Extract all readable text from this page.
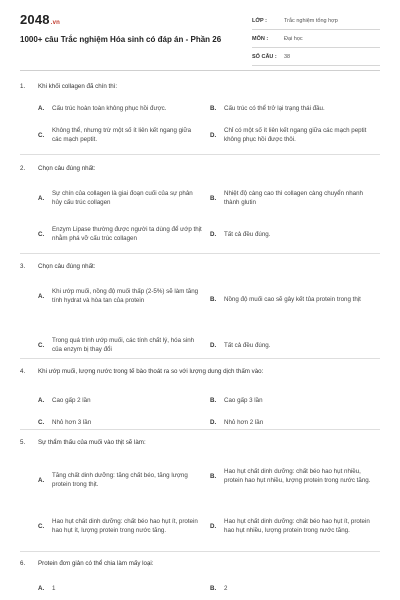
2048.vn
1000+ câu Trắc nghiệm Hóa sinh có đáp án - Phần 26
LỚP :	Trắc nghiệm tổng hợp
MÔN :	Đại học
SỐ CÂU :	38
1.	Khi khối collagen đã chín thì:
A.	Cấu trúc hoàn toàn không phục hồi được.	B.	Cấu trúc có thể trở lại trạng thái đầu.
C.
Không thể, nhưng trừ một số ít liên kết ngang giữa các mạch peptit.
D.
Chỉ có một số ít liên kết ngang giữa các mạch peptit không phục hồi được thôi.
2.	Chọn câu đúng nhất:
A.
Sự chín của collagen là giai đoạn cuối của sự phân hủy cấu trúc collagen
B.
Nhiệt độ càng cao thì collagen càng chuyển nhanh thành glutin
C.
Enzym Lipase thường được người ta dùng để ướp thịt nhằm phá vỡ cấu trúc collagen
D.	Tất cả đều đúng.
3.	Chọn câu đúng nhất:
A.
Khi ướp muối, nồng độ muối thấp (2-5%) sẽ làm tăng tính hydrat và hòa tan của protein	B.	Nồng độ muối cao sẽ gây kết tủa protein trong thịt
C.
Trong quá trình ướp muối, các tính chất lý, hóa sinh của enzym bị thay đổi
D.	Tất cả đều đúng.
4.	Khi ướp muối, lượng nước trong tế bào thoát ra so với lượng dung dịch thấm vào:
A.	Cao gấp 2 lần	B.	Cao gấp 3 lần
C.	Nhỏ hơn 3 lần	D.	Nhỏ hơn 2 lần
5.	Sự thẩm thấu của muối vào thịt sẽ làm:
A.
Tăng chất dinh dưỡng: tăng chất béo, tăng lượng protein trong thịt.
B.
Hao hụt chất dinh dưỡng: chất béo hao hụt nhiều, protein hao hụt nhiều, lượng protein trong nước tăng.
C.
Hao hụt chất dinh dưỡng: chất béo hao hụt ít, protein hao hụt ít, lượng protein trong nước tăng.
D.
Hao hụt chất dinh dưỡng: chất béo hao hụt ít, protein hao hụt nhiều, lượng protein trong nước tăng.
6.	Protein đơn giản có thể chia làm mấy loại:
A.	1	B.	2
